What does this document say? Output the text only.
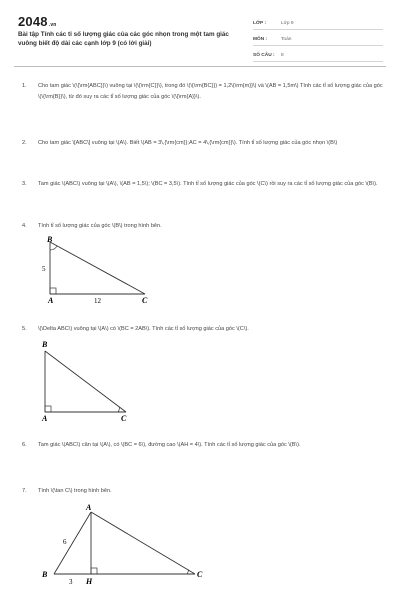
2048.vn
Bài tập Tính các tỉ số lượng giác của các góc nhọn trong một tam giác vuông biết độ dài các cạnh lớp 9 (có lời giải)
LỚP :	Lớp 9
MÔN :	Toán
SỐ CÂU :	8
1.	Cho tam giác \(\{\rm{ABC}}\) vuông tại \(\{\rm{C}}\), trong đó \(\{\rm{BC}}) = 1,2\(\rm{m}}\) và \(AB = 1,5m\) Tính các tỉ số lượng giác của góc \(\{\rm{B}}\), từ đó suy ra các tỉ số lượng giác của góc \(\{\rm{A}}\).
2.	Cho tam giác \[ABC\] vuông tại \(A\). Biết \(AB = 3\,{\rm{cm}};AC = 4\,{\rm{cm}}\). Tính tỉ số lượng giác của góc nhọn \(B\)
3.	Tam giác \(ABC\) vuông tại \(A\), \(AB = 1,5\); \(BC = 3,5\). Tính tỉ số lượng giác của góc \(C\) rồi suy ra các tỉ số lượng giác của góc \(B\).
4.	Tính tỉ số lượng giác của góc \(B\) trong hình bên.
B
A	C
5
12
5.	\(\Delta ABC\) vuông tại \(A\) có \(BC = 2AB\). Tính các tỉ số lượng giác của góc \(C\).
B
A	C
6.	Tam giác \(ABC\) cân tại \(A\), có \(BC = 6\), đường cao \(AH = 4\). Tính các tỉ số lượng giác của góc \(B\).
7.	Tính \(\tan C\) trong hình bên.
A
B
H
C
6
3
